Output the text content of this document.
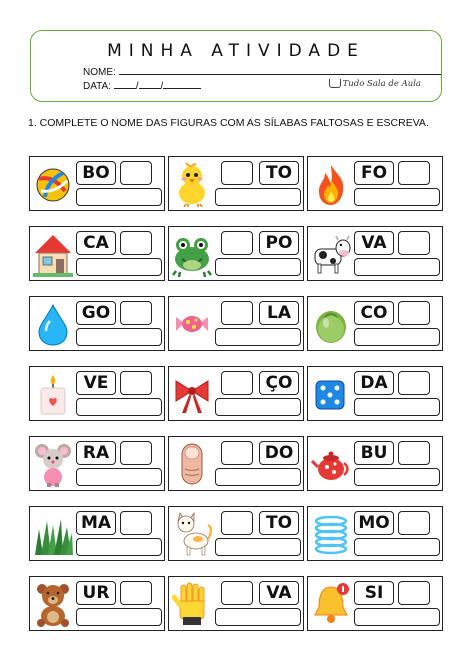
MINHA ATIVIDADE
NOME:
DATA: / /	Tudo Sala de Aula
1. COMPLETE O NOME DAS FIGURAS COM AS SÍLABAS FALTOSAS E ESCREVA.
BO	TO	FO
CA	PO	VA
GO	LA	CO
VE	ÇO	DA
RA	DO	BU
MA	TO	MO
UR	VA	SI
